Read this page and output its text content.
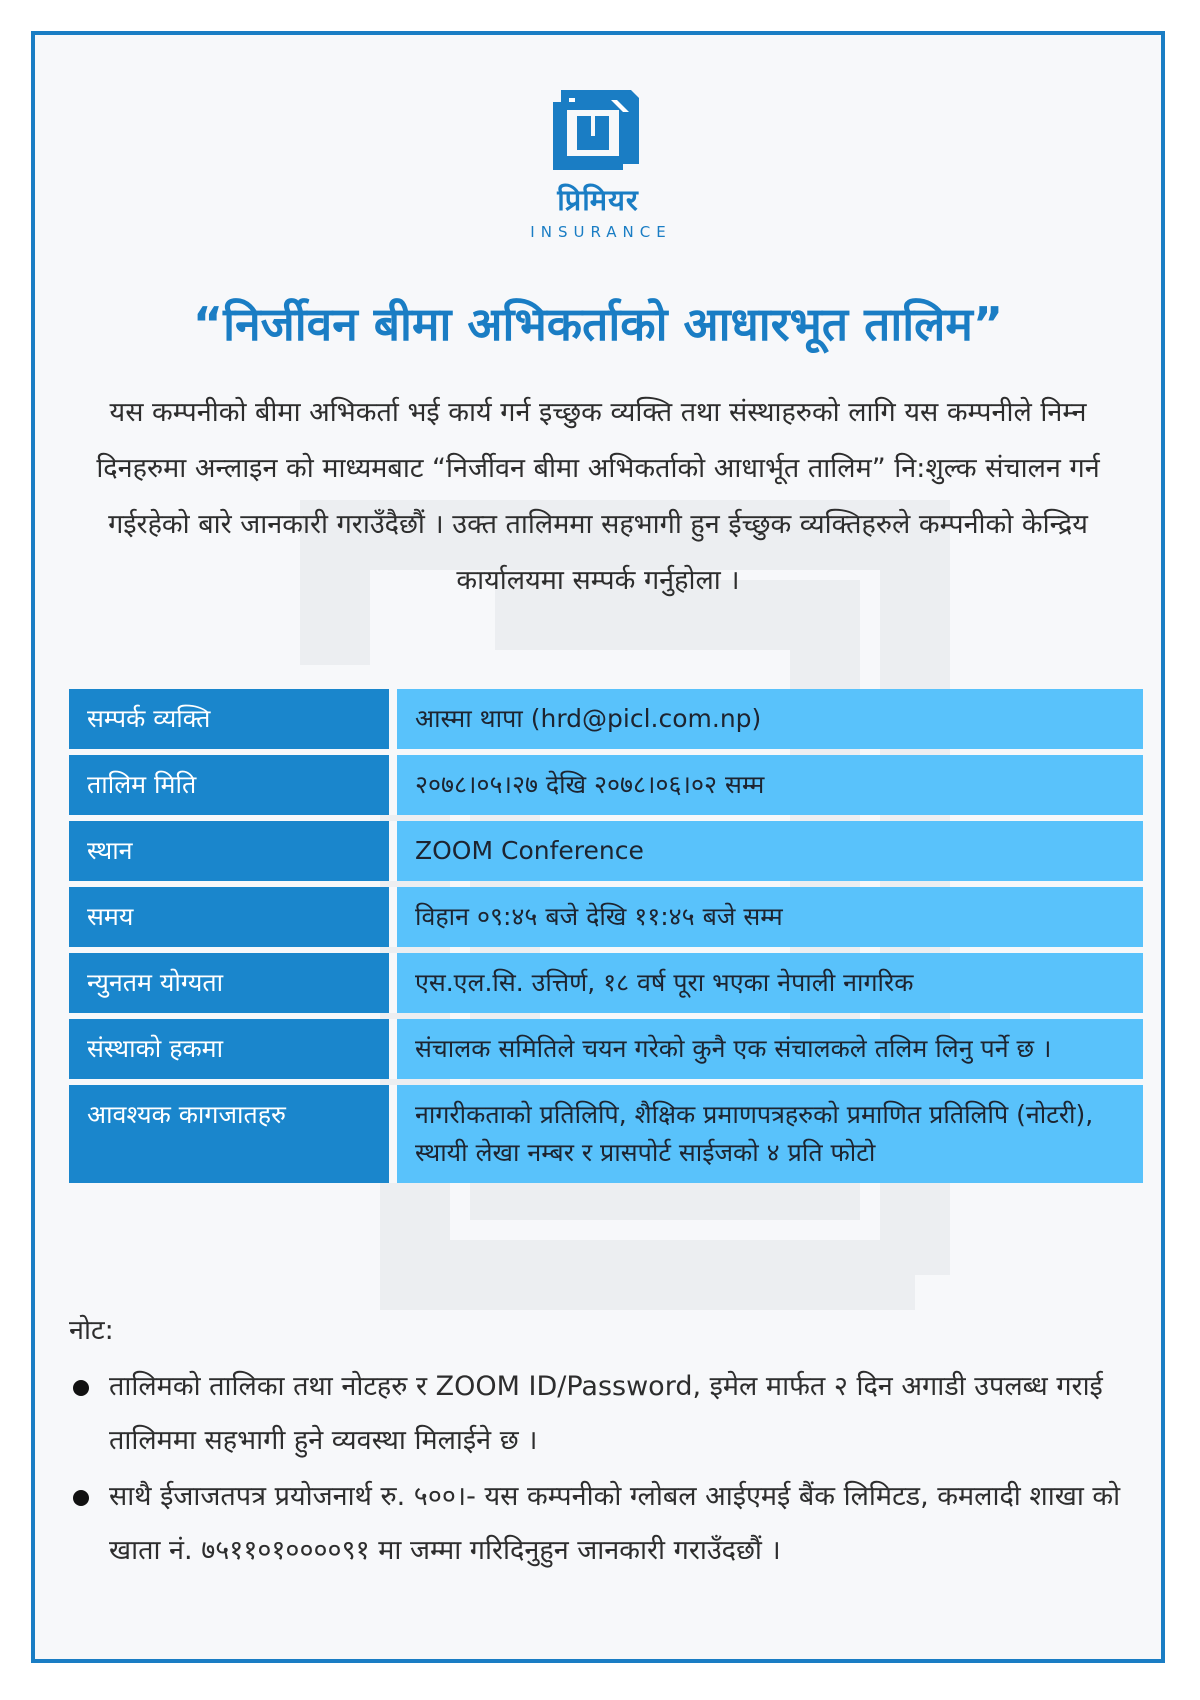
प्रिमियर
INSURANCE
“निर्जीवन बीमा अभिकर्ताको आधारभूत तालिम”
यस कम्पनीको बीमा अभिकर्ता भई कार्य गर्न इच्छुक व्यक्ति तथा संस्थाहरुको लागि यस कम्पनीले निम्न दिनहरुमा अन्लाइन को माध्यमबाट “निर्जीवन बीमा अभिकर्ताको आधार्भूत तालिम” नि:शुल्क संचालन गर्न गईरहेको बारे जानकारी गराउँदैछौं । उक्त तालिममा सहभागी हुन ईच्छुक व्यक्तिहरुले कम्पनीको केन्द्रिय कार्यालयमा सम्पर्क गर्नुहोला ।
सम्पर्क व्यक्ति	आस्मा थापा (hrd@picl.com.np)
तालिम मिति	२०७८।०५।२७ देखि २०७८।०६।०२ सम्म
स्थान	ZOOM Conference
समय	विहान ०९:४५ बजे देखि ११:४५ बजे सम्म
न्युनतम योग्यता	एस.एल.सि. उत्तिर्ण, १८ वर्ष पूरा भएका नेपाली नागरिक
संस्थाको हकमा	संचालक समितिले चयन गरेको कुनै एक संचालकले तलिम लिनु पर्ने छ ।
आवश्यक कागजातहरु	नागरीकताको प्रतिलिपि, शैक्षिक प्रमाणपत्रहरुको प्रमाणित प्रतिलिपि (नोटरी), स्थायी लेखा नम्बर र प्रासपोर्ट साईजको ४ प्रति फोटो
नोट:
तालिमको तालिका तथा नोटहरु र ZOOM ID/Password, इमेल मार्फत २ दिन अगाडी उपलब्ध गराई तालिममा सहभागी हुने व्यवस्था मिलाईने छ ।
साथै ईजाजतपत्र प्रयोजनार्थ रु. ५००।- यस कम्पनीको ग्लोबल आईएमई बैंक लिमिटड, कमलादी शाखा को खाता नं. ७५११०१००००९१ मा जम्मा गरिदिनुहुन जानकारी गराउँदछौं ।
